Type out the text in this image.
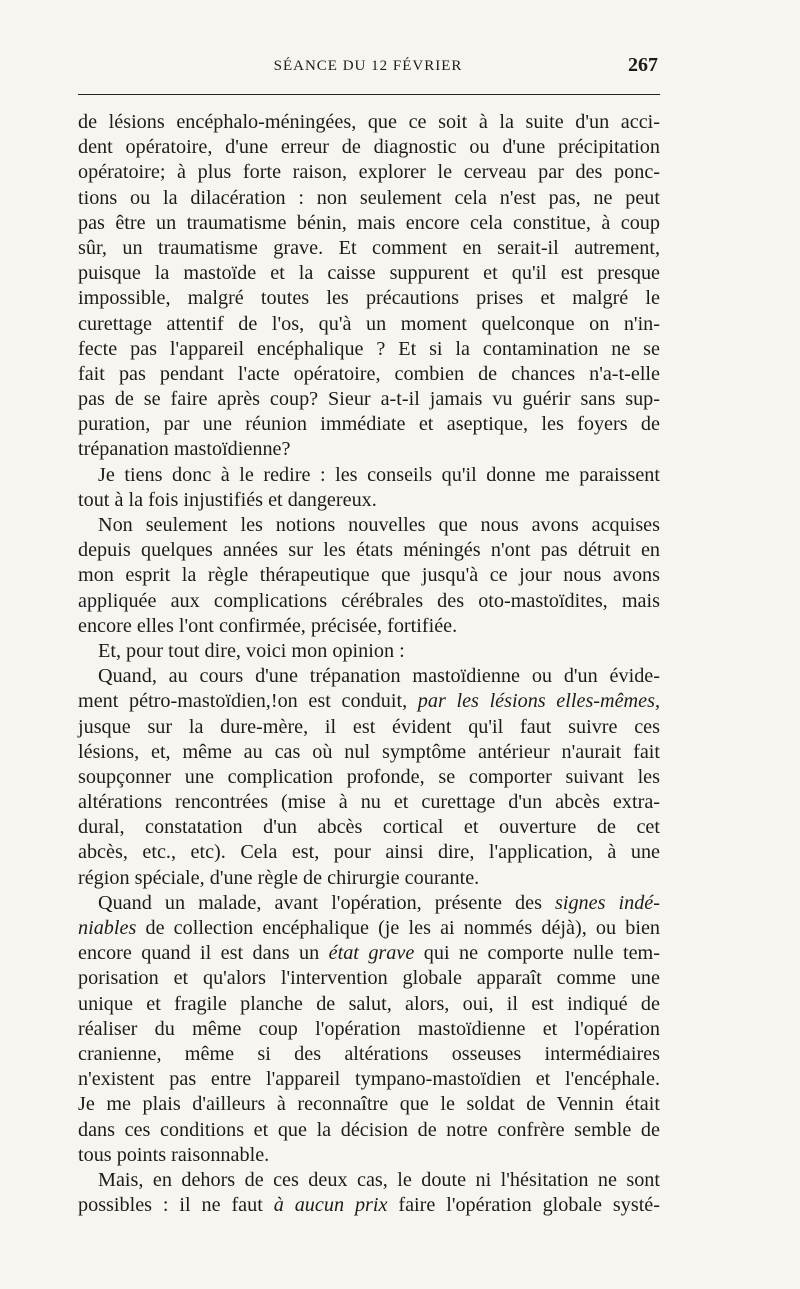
SÉANCE DU 12 FÉVRIER	267
de lésions encéphalo-méningées, que ce soit à la suite d'un acci-
dent opératoire, d'une erreur de diagnostic ou d'une précipitation
opératoire; à plus forte raison, explorer le cerveau par des ponc-
tions ou la dilacération : non seulement cela n'est pas, ne peut
pas être un traumatisme bénin, mais encore cela constitue, à coup
sûr, un traumatisme grave. Et comment en serait-il autrement,
puisque la mastoïde et la caisse suppurent et qu'il est presque
impossible, malgré toutes les précautions prises et malgré le
curettage attentif de l'os, qu'à un moment quelconque on n'in-
fecte pas l'appareil encéphalique ? Et si la contamination ne se
fait pas pendant l'acte opératoire, combien de chances n'a-t-elle
pas de se faire après coup? Sieur a-t-il jamais vu guérir sans sup-
puration, par une réunion immédiate et aseptique, les foyers de
trépanation mastoïdienne?
Je tiens donc à le redire : les conseils qu'il donne me paraissent
tout à la fois injustifiés et dangereux.
Non seulement les notions nouvelles que nous avons acquises
depuis quelques années sur les états méningés n'ont pas détruit en
mon esprit la règle thérapeutique que jusqu'à ce jour nous avons
appliquée aux complications cérébrales des oto-mastoïdites, mais
encore elles l'ont confirmée, précisée, fortifiée.
Et, pour tout dire, voici mon opinion :
Quand, au cours d'une trépanation mastoïdienne ou d'un évide-
ment pétro-mastoïdien,!on est conduit, par les lésions elles-mêmes,
jusque sur la dure-mère, il est évident qu'il faut suivre ces
lésions, et, même au cas où nul symptôme antérieur n'aurait fait
soupçonner une complication profonde, se comporter suivant les
altérations rencontrées (mise à nu et curettage d'un abcès extra-
dural, constatation d'un abcès cortical et ouverture de cet
abcès, etc., etc). Cela est, pour ainsi dire, l'application, à une
région spéciale, d'une règle de chirurgie courante.
Quand un malade, avant l'opération, présente des signes indé-
niables de collection encéphalique (je les ai nommés déjà), ou bien
encore quand il est dans un état grave qui ne comporte nulle tem-
porisation et qu'alors l'intervention globale apparaît comme une
unique et fragile planche de salut, alors, oui, il est indiqué de
réaliser du même coup l'opération mastoïdienne et l'opération
cranienne, même si des altérations osseuses intermédiaires
n'existent pas entre l'appareil tympano-mastoïdien et l'encéphale.
Je me plais d'ailleurs à reconnaître que le soldat de Vennin était
dans ces conditions et que la décision de notre confrère semble de
tous points raisonnable.
Mais, en dehors de ces deux cas, le doute ni l'hésitation ne sont
possibles : il ne faut à aucun prix faire l'opération globale systé-
